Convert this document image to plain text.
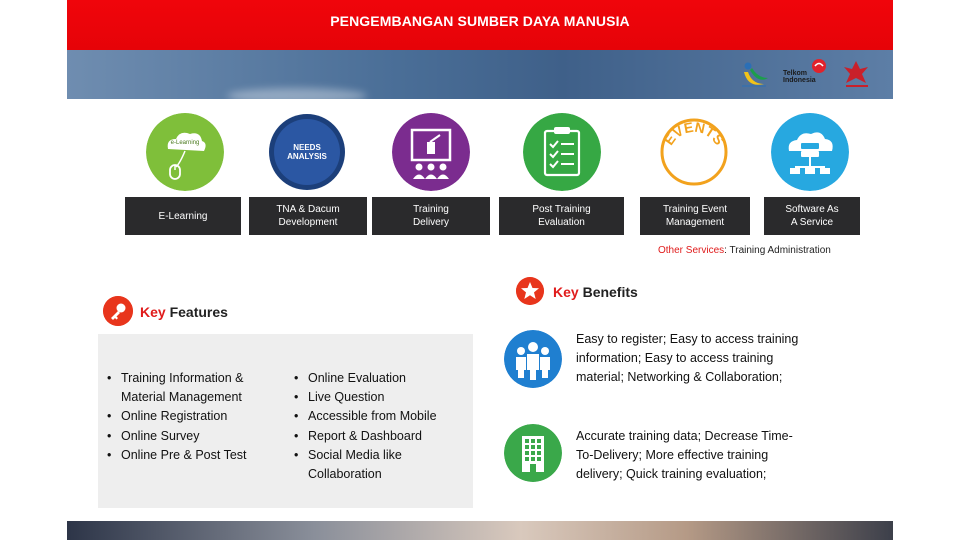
PENGEMBANGAN SUMBER DAYA MANUSIA
Telkom
Indonesia
e-Learning	NEEDS
ANALYSIS
EVENTS
E-Learning
TNA & Dacum
Development
Training
Delivery
Post Training
Evaluation
Training Event
Management
Software As
A Service
Other Services: Training Administration
Key Benefits
Key Features
• Training Information &
Material Management
• Online Registration
• Online Survey
• Online Pre & Post Test
• Online Evaluation
• Live Question
• Accessible from Mobile
• Report & Dashboard
• Social Media like
Collaboration
Easy to register; Easy to access training
information; Easy to access training
material; Networking & Collaboration;
Accurate training data; Decrease Time-
To-Delivery; More effective training
delivery; Quick training evaluation;
